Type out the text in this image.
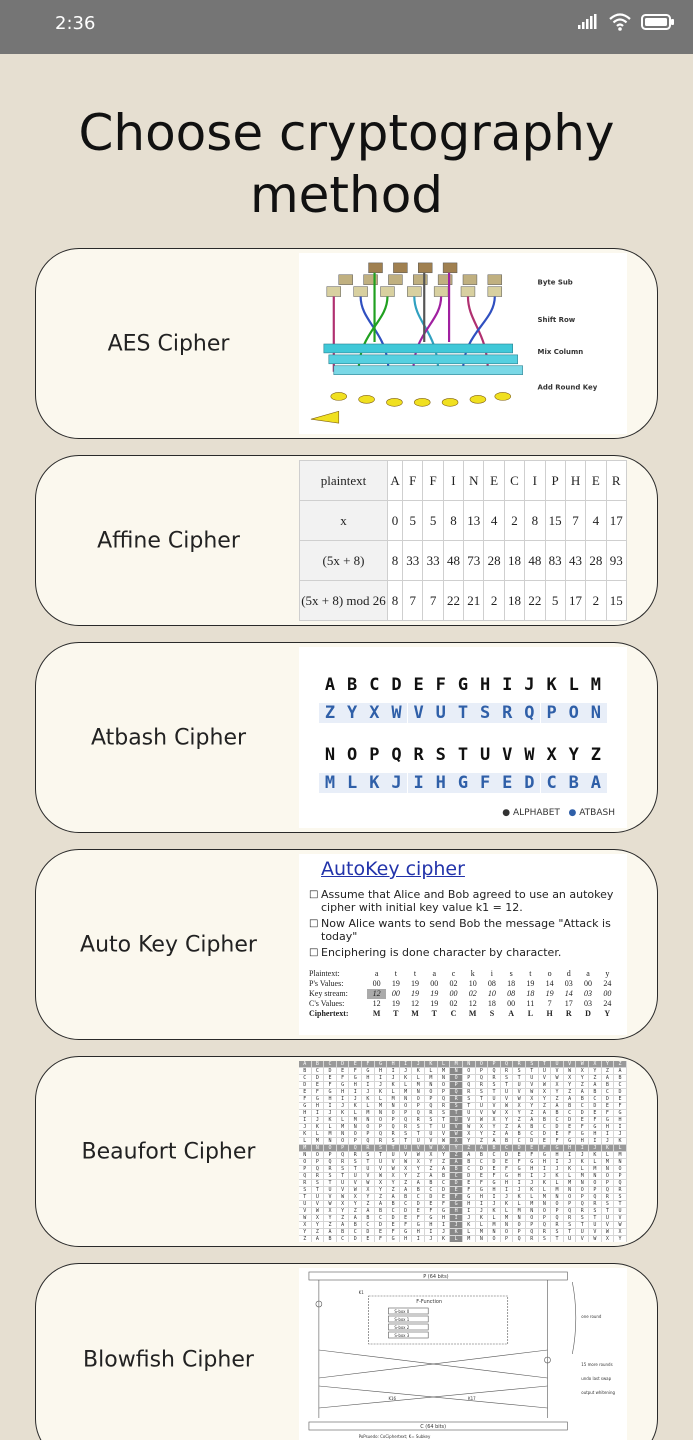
2:36
Choose cryptography method
AES Cipher
Byte Sub
Shift Row
Mix Column
Add Round Key
Affine Cipher
plaintext	A	F	F	I	N	E	C	I	P	H	E	R
x	0	5	5	8	13	4	2	8	15	7	4	17
(5x + 8)	8	33	33	48	73	28	18	48	83	43	28	93
(5x + 8) mod 26	8	7	7	22	21	2	18	22	5	17	2	15
Atbash Cipher
A B C D E F G H I J K L M
Z Y X W V U T S R Q P O N
N O P Q R S T U V W X Y Z
M L K J I H G F E D C B A
● ALPHABET ● ATBASH
Auto Key Cipher
AutoKey cipher
□ Assume that Alice and Bob agreed to use an autokey cipher with initial key value k1 = 12.
□ Now Alice wants to send Bob the message "Attack is today"
□ Enciphering is done character by character.
Plaintext:	a	t	t	a	c	k	i	s	t	o	d	a	y
P's Values:	00	19	19	00	02	10	08	18	19	14	03	00	24
Key stream:	12	00	19	19	00	02	10	08	18	19	14	03	00
C's Values:	12	19	12	19	02	12	18	00	11	7	17	03	24
Ciphertext:	M	T	M	T	C	M	S	A	L	H	R	D	Y
Beaufort Cipher
A	B	C	D	E	F	G	H	I	J	K	L	M	N	O	P	Q	R	S	T	U	V	W	X	Y	Z
B	C	D	E	F	G	H	I	J	K	L	M	N	O	P	Q	R	S	T	U	V	W	X	Y	Z	A
C	D	E	F	G	H	I	J	K	L	M	N	O	P	Q	R	S	T	U	V	W	X	Y	Z	A	B
D	E	F	G	H	I	J	K	L	M	N	O	P	Q	R	S	T	U	V	W	X	Y	Z	A	B	C
E	F	G	H	I	J	K	L	M	N	O	P	Q	R	S	T	U	V	W	X	Y	Z	A	B	C	D
F	G	H	I	J	K	L	M	N	O	P	Q	R	S	T	U	V	W	X	Y	Z	A	B	C	D	E
G	H	I	J	K	L	M	N	O	P	Q	R	S	T	U	V	W	X	Y	Z	A	B	C	D	E	F
H	I	J	K	L	M	N	O	P	Q	R	S	T	U	V	W	X	Y	Z	A	B	C	D	E	F	G
I	J	K	L	M	N	O	P	Q	R	S	T	U	V	W	X	Y	Z	A	B	C	D	E	F	G	H
J	K	L	M	N	O	P	Q	R	S	T	U	V	W	X	Y	Z	A	B	C	D	E	F	G	H	I
K	L	M	N	O	P	Q	R	S	T	U	V	W	X	Y	Z	A	B	C	D	E	F	G	H	I	J
L	M	N	O	P	Q	R	S	T	U	V	W	X	Y	Z	A	B	C	D	E	F	G	H	I	J	K
M	N	O	P	Q	R	S	T	U	V	W	X	Y	Z	A	B	C	D	E	F	G	H	I	J	K	L
N	O	P	Q	R	S	T	U	V	W	X	Y	Z	A	B	C	D	E	F	G	H	I	J	K	L	M
O	P	Q	R	S	T	U	V	W	X	Y	Z	A	B	C	D	E	F	G	H	I	J	K	L	M	N
P	Q	R	S	T	U	V	W	X	Y	Z	A	B	C	D	E	F	G	H	I	J	K	L	M	N	O
Q	R	S	T	U	V	W	X	Y	Z	A	B	C	D	E	F	G	H	I	J	K	L	M	N	O	P
R	S	T	U	V	W	X	Y	Z	A	B	C	D	E	F	G	H	I	J	K	L	M	N	O	P	Q
S	T	U	V	W	X	Y	Z	A	B	C	D	E	F	G	H	I	J	K	L	M	N	O	P	Q	R
T	U	V	W	X	Y	Z	A	B	C	D	E	F	G	H	I	J	K	L	M	N	O	P	Q	R	S
U	V	W	X	Y	Z	A	B	C	D	E	F	G	H	I	J	K	L	M	N	O	P	Q	R	S	T
V	W	X	Y	Z	A	B	C	D	E	F	G	H	I	J	K	L	M	N	O	P	Q	R	S	T	U
W	X	Y	Z	A	B	C	D	E	F	G	H	I	J	K	L	M	N	O	P	Q	R	S	T	U	V
X	Y	Z	A	B	C	D	E	F	G	H	I	J	K	L	M	N	O	P	Q	R	S	T	U	V	W
Y	Z	A	B	C	D	E	F	G	H	I	J	K	L	M	N	O	P	Q	R	S	T	U	V	W	X
Z	A	B	C	D	E	F	G	H	I	J	K	L	M	N	O	P	Q	R	S	T	U	V	W	X	Y
Blowfish Cipher
P (64 bits)
F-Function
S-box 0
S-box 1
S-box 2
S-box 3
C (64 bits)
K1
K16	K17
one round
15 more rounds
undo last swap
output whitening
PoPsuedo: CoCiphertext; K= Subkey
